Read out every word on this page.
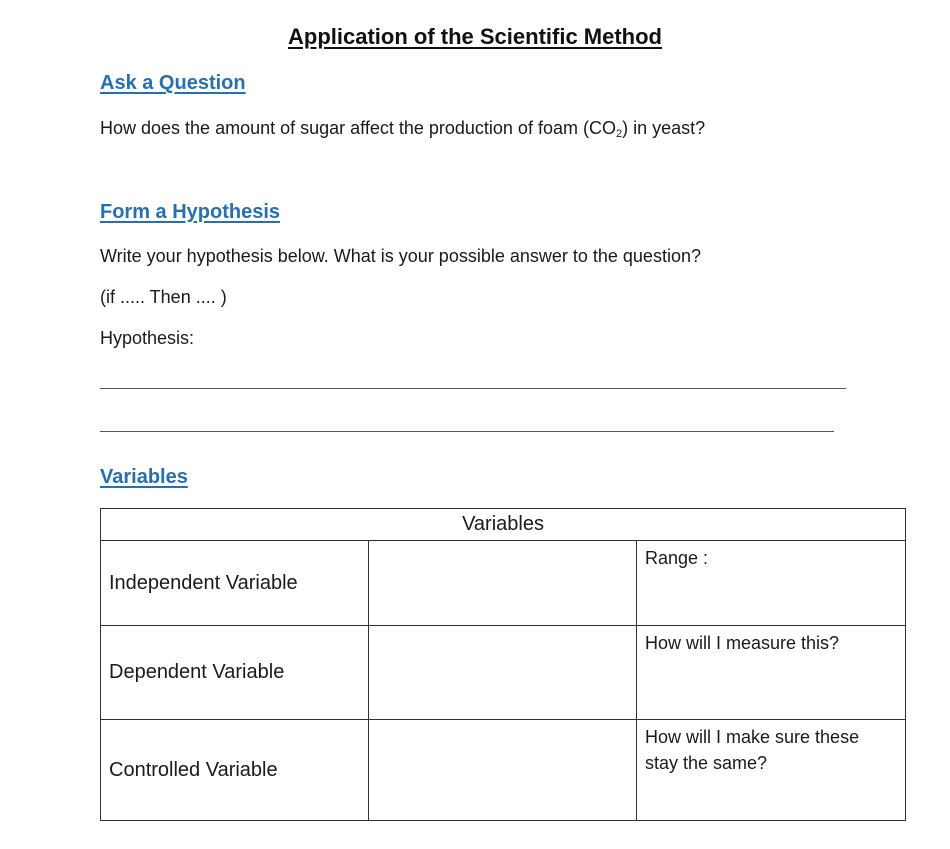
Application of the Scientific Method
Ask a Question
How does the amount of sugar affect the production of foam $(CO_2)$ in yeast?
Form a Hypothesis
Write your hypothesis below. What is your possible answer to the question?
(if ..... Then .... )
Hypothesis:
Variables
Variables		
Independent Variable		Range :
Dependent Variable		How will I measure this?
Controlled Variable		How will I make sure these stay the same?
